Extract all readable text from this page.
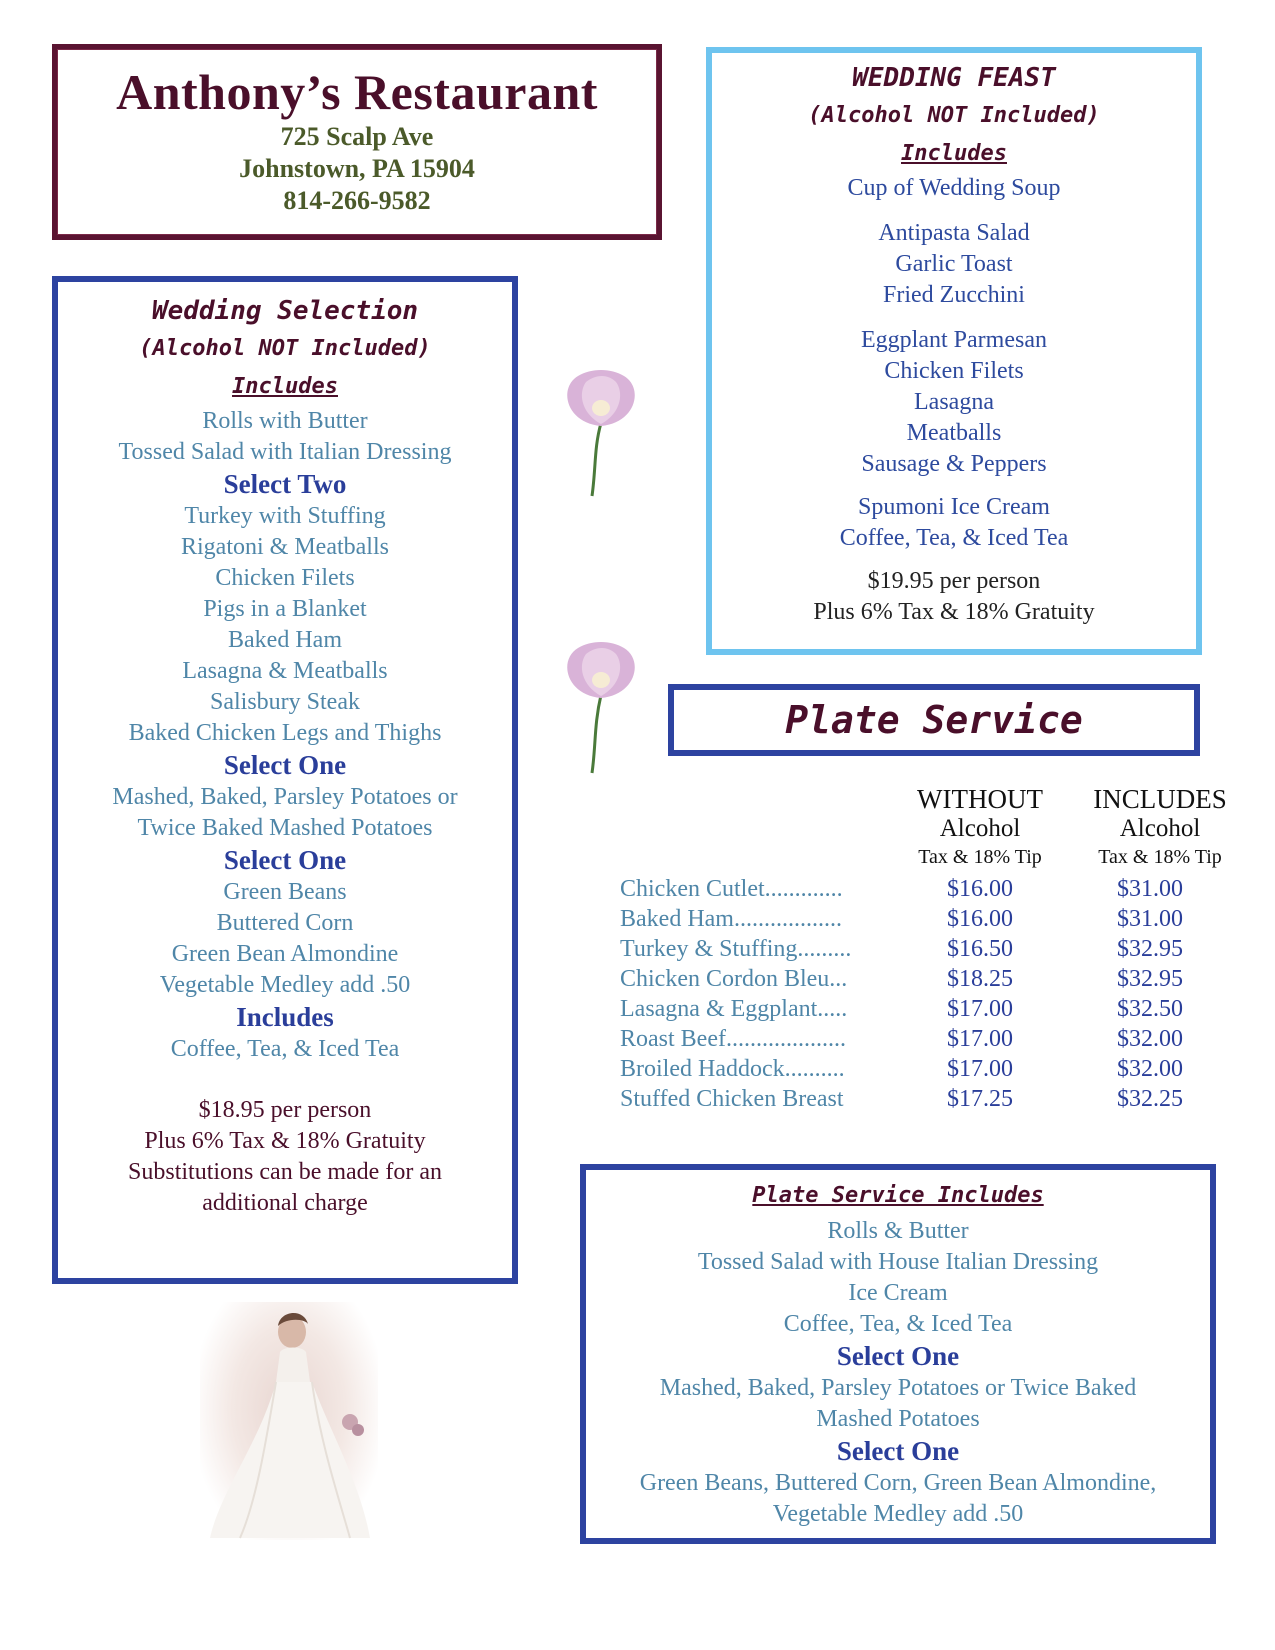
Anthony’s Restaurant
725 Scalp Ave
Johnstown, PA 15904
814-266-9582
Wedding Selection
(Alcohol NOT Included)
Includes
Rolls with Butter
Tossed Salad with Italian Dressing
Select Two
Turkey with Stuffing
Rigatoni & Meatballs
Chicken Filets
Pigs in a Blanket
Baked Ham
Lasagna & Meatballs
Salisbury Steak
Baked Chicken Legs and Thighs
Select One
Mashed, Baked, Parsley Potatoes or
Twice Baked Mashed Potatoes
Select One
Green Beans
Buttered Corn
Green Bean Almondine
Vegetable Medley add .50
Includes
Coffee, Tea, & Iced Tea
$18.95 per person
Plus 6% Tax & 18% Gratuity
Substitutions can be made for an
additional charge
WEDDING FEAST
(Alcohol NOT Included)
Includes
Cup of Wedding Soup
Antipasta Salad
Garlic Toast
Fried Zucchini
Eggplant Parmesan
Chicken Filets
Lasagna
Meatballs
Sausage & Peppers
Spumoni Ice Cream
Coffee, Tea, & Iced Tea
$19.95 per person
Plus 6% Tax & 18% Gratuity
Plate Service
WITHOUT
Alcohol
Tax & 18% Tip
INCLUDES
Alcohol
Tax & 18% Tip
Chicken Cutlet.............	$16.00	$31.00
Baked Ham..................	$16.00	$31.00
Turkey & Stuffing.........	$16.50	$32.95
Chicken Cordon Bleu...	$18.25	$32.95
Lasagna & Eggplant.....	$17.00	$32.50
Roast Beef....................	$17.00	$32.00
Broiled Haddock..........	$17.00	$32.00
Stuffed Chicken Breast	$17.25	$32.25
Plate Service Includes
Rolls & Butter
Tossed Salad with House Italian Dressing
Ice Cream
Coffee, Tea, & Iced Tea
Select One
Mashed, Baked, Parsley Potatoes or Twice Baked
Mashed Potatoes
Select One
Green Beans, Buttered Corn, Green Bean Almondine,
Vegetable Medley add .50
